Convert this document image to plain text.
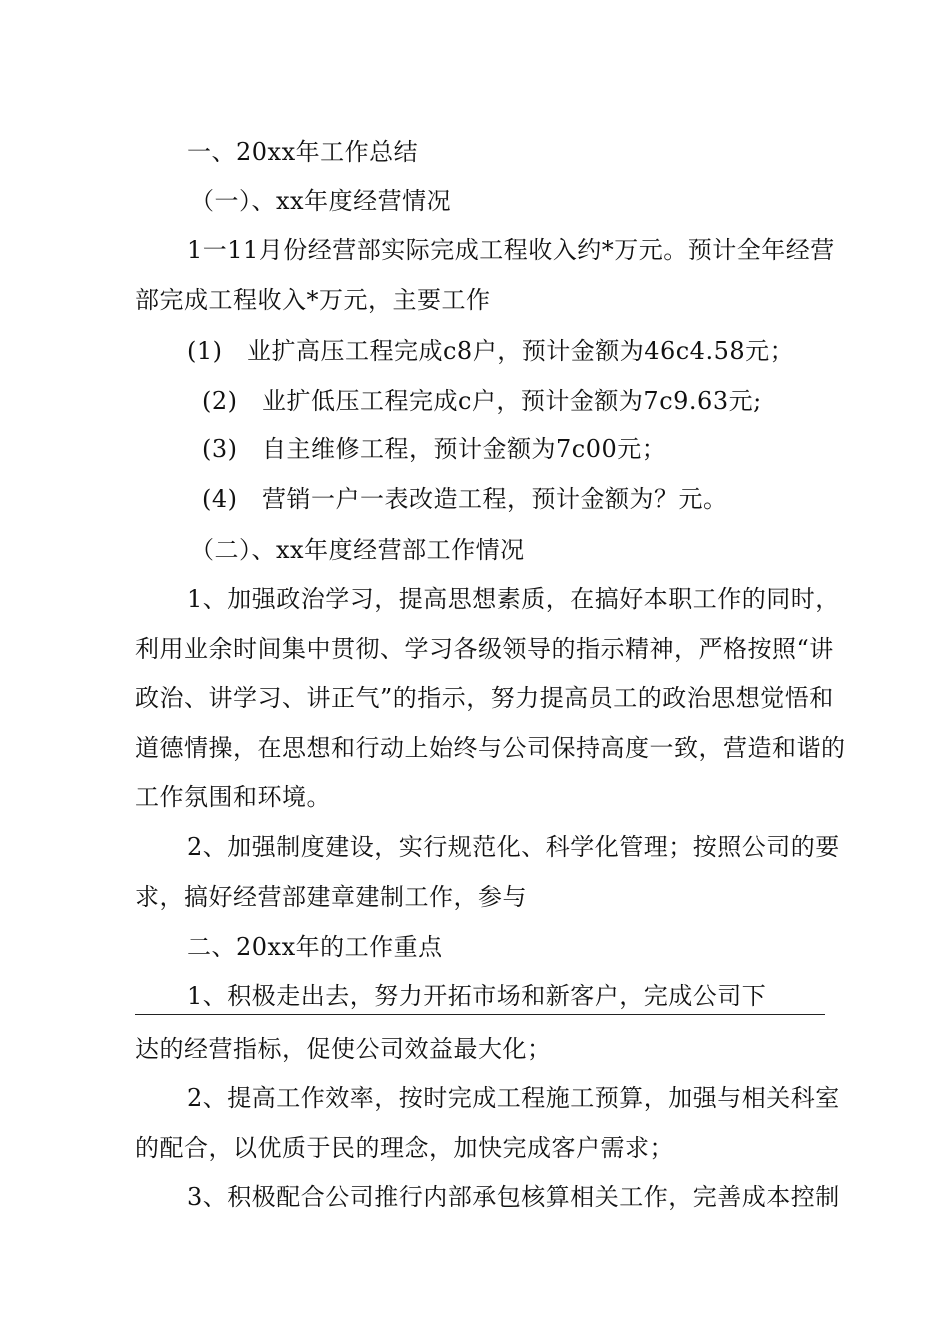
一、20xx年工作总结
（一）、xx年度经营情况
1一11月份经营部实际完成工程收入约*万元。预计全年经营
部完成工程收入*万元，主要工作
(1)　业扩高压工程完成c8户，预计金额为46c4.58元；
(2)　业扩低压工程完成c户，预计金额为7c9.63元;
(3)　自主维修工程，预计金额为7c00元；
(4)　营销一户一表改造工程，预计金额为？元。
（二）、xx年度经营部工作情况
1、加强政治学习，提高思想素质，在搞好本职工作的同时，
利用业余时间集中贯彻、学习各级领导的指示精神，严格按照“讲
政治、讲学习、讲正气”的指示，努力提高员工的政治思想觉悟和
道德情操，在思想和行动上始终与公司保持高度一致，营造和谐的
工作氛围和环境。
2、加强制度建设，实行规范化、科学化管理；按照公司的要
求，搞好经营部建章建制工作，参与
二、20xx年的工作重点
1、积极走出去，努力开拓市场和新客户，完成公司下
达的经营指标，促使公司效益最大化；
2、提高工作效率，按时完成工程施工预算，加强与相关科室
的配合，以优质于民的理念，加快完成客户需求；
3、积极配合公司推行内部承包核算相关工作，完善成本控制
